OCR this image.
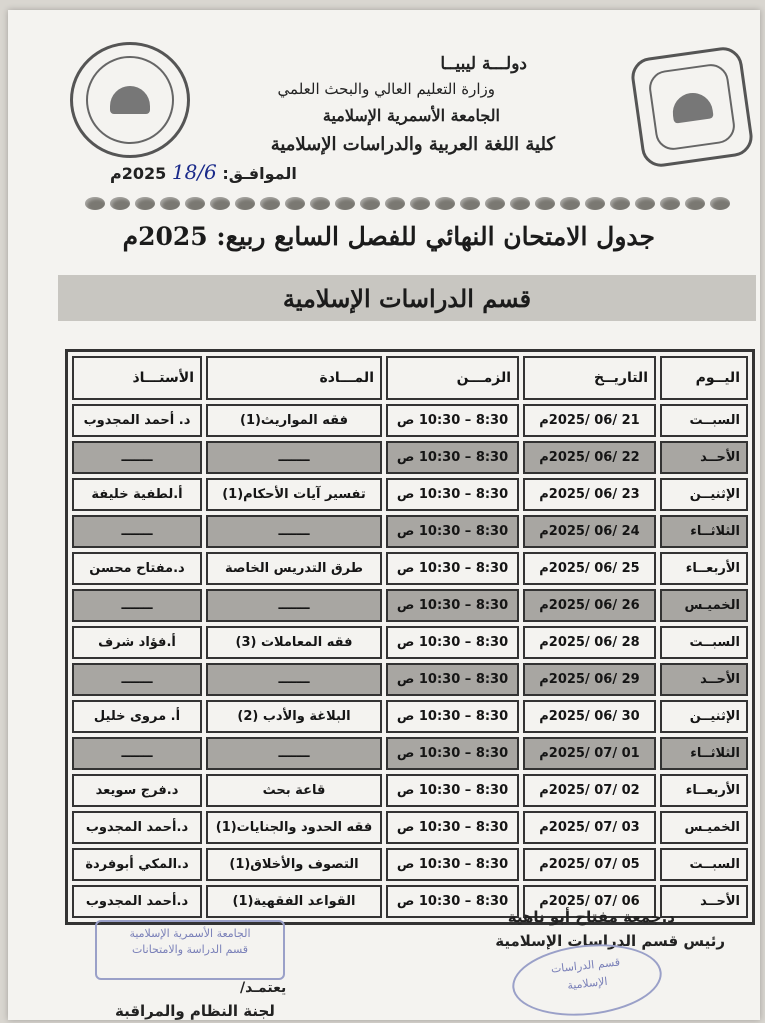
دولـــة ليبيــا
وزارة التعليم العالي والبحث العلمي
الجامعة الأسمرية الإسلامية
كلية اللغة العربية والدراسات الإسلامية
الموافـق: 18/6 2025م
جدول الامتحان النهائي للفصل السابع ربيع: 2025م
قسم الدراسات الإسلامية
اليــوم	التاريــخ	الزمـــن	المـــادة	الأستـــاذ
السبــت	21 /06 /2025م	8:30 – 10:30 ص	فقه المواريث(1)	د. أحمد المجدوب
الأحــد	22 /06 /2025م	8:30 – 10:30 ص	ـــــــ	ـــــــ
الإثنيــن	23 /06 /2025م	8:30 – 10:30 ص	تفسير آيات الأحكام(1)	أ.لطفية خليفة
الثلاثــاء	24 /06 /2025م	8:30 – 10:30 ص	ـــــــ	ـــــــ
الأربعــاء	25 /06 /2025م	8:30 – 10:30 ص	طرق التدريس الخاصة	د.مفتاح محسن
الخميـس	26 /06 /2025م	8:30 – 10:30 ص	ـــــــ	ـــــــ
السبــت	28 /06 /2025م	8:30 – 10:30 ص	فقه المعاملات (3)	أ.فؤاد شرف
الأحــد	29 /06 /2025م	8:30 – 10:30 ص	ـــــــ	ـــــــ
الإثنيــن	30 /06 /2025م	8:30 – 10:30 ص	البلاغة والأدب (2)	أ. مروى خليل
الثلاثــاء	01 /07 /2025م	8:30 – 10:30 ص	ـــــــ	ـــــــ
الأربعــاء	02 /07 /2025م	8:30 – 10:30 ص	قاعة بحث	د.فرج سويعد
الخميـس	03 /07 /2025م	8:30 – 10:30 ص	فقه الحدود والجنايات(1)	د.أحمد المجدوب
السبــت	05 /07 /2025م	8:30 – 10:30 ص	التصوف والأخلاق(1)	د.المكي أبوفردة
الأحــد	06 /07 /2025م	8:30 – 10:30 ص	القواعد الفقهية(1)	د.أحمد المجدوب
د.جمعة مفتاح أبو ناهية
رئيس قسم الدراسات الإسلامية
الجامعة الأسمرية الإسلامية
قسم الدراسة والامتحانات
قسم الدراسات
الإسلامية
يعتمـد/
لجنة النظام والمراقبة
